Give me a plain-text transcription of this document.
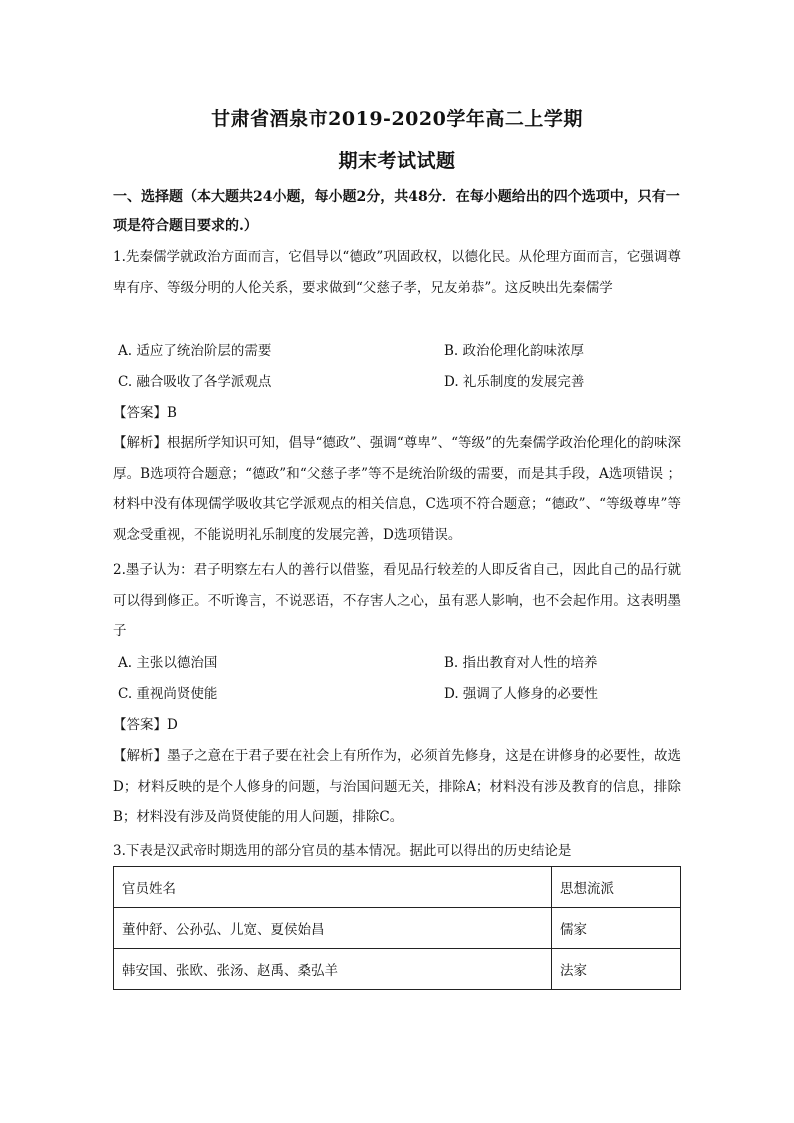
甘肃省酒泉市2019-2020学年高二上学期
期末考试试题
一、选择题（本大题共24小题，每小题2分，共48分．在每小题给出的四个选项中，只有一项是符合题目要求的.）
1.先秦儒学就政治方面而言，它倡导以“德政”巩固政权，以德化民。从伦理方面而言，它强调尊卑有序、等级分明的人伦关系，要求做到“父慈子孝，兄友弟恭”。这反映出先秦儒学
A. 适应了统治阶层的需要	B. 政治伦理化韵味浓厚
C. 融合吸收了各学派观点	D. 礼乐制度的发展完善
【答案】B
【解析】根据所学知识可知，倡导“德政”、强调“尊卑”、“等级”的先秦儒学政治伦理化的韵味深厚。B选项符合题意；“德政”和“父慈子孝”等不是统治阶级的需要，而是其手段，A选项错误 ；材料中没有体现儒学吸收其它学派观点的相关信息，C选项不符合题意；“德政”、“等级尊卑”等观念受重视，不能说明礼乐制度的发展完善，D选项错误。
2.墨子认为：君子明察左右人的善行以借鉴，看见品行较差的人即反省自己，因此自己的品行就可以得到修正。不听谗言，不说恶语，不存害人之心，虽有恶人影响，也不会起作用。这表明墨子
A. 主张以德治国	B. 指出教育对人性的培养
C. 重视尚贤使能	D. 强调了人修身的必要性
【答案】D
【解析】墨子之意在于君子要在社会上有所作为，必须首先修身，这是在讲修身的必要性，故选D；材料反映的是个人修身的问题，与治国问题无关，排除A；材料没有涉及教育的信息，排除B；材料没有涉及尚贤使能的用人问题，排除C。
3.下表是汉武帝时期选用的部分官员的基本情况。据此可以得出的历史结论是
官员姓名	思想流派
董仲舒、公孙弘、儿宽、夏侯始昌	儒家
韩安国、张欧、张汤、赵禹、桑弘羊	法家
